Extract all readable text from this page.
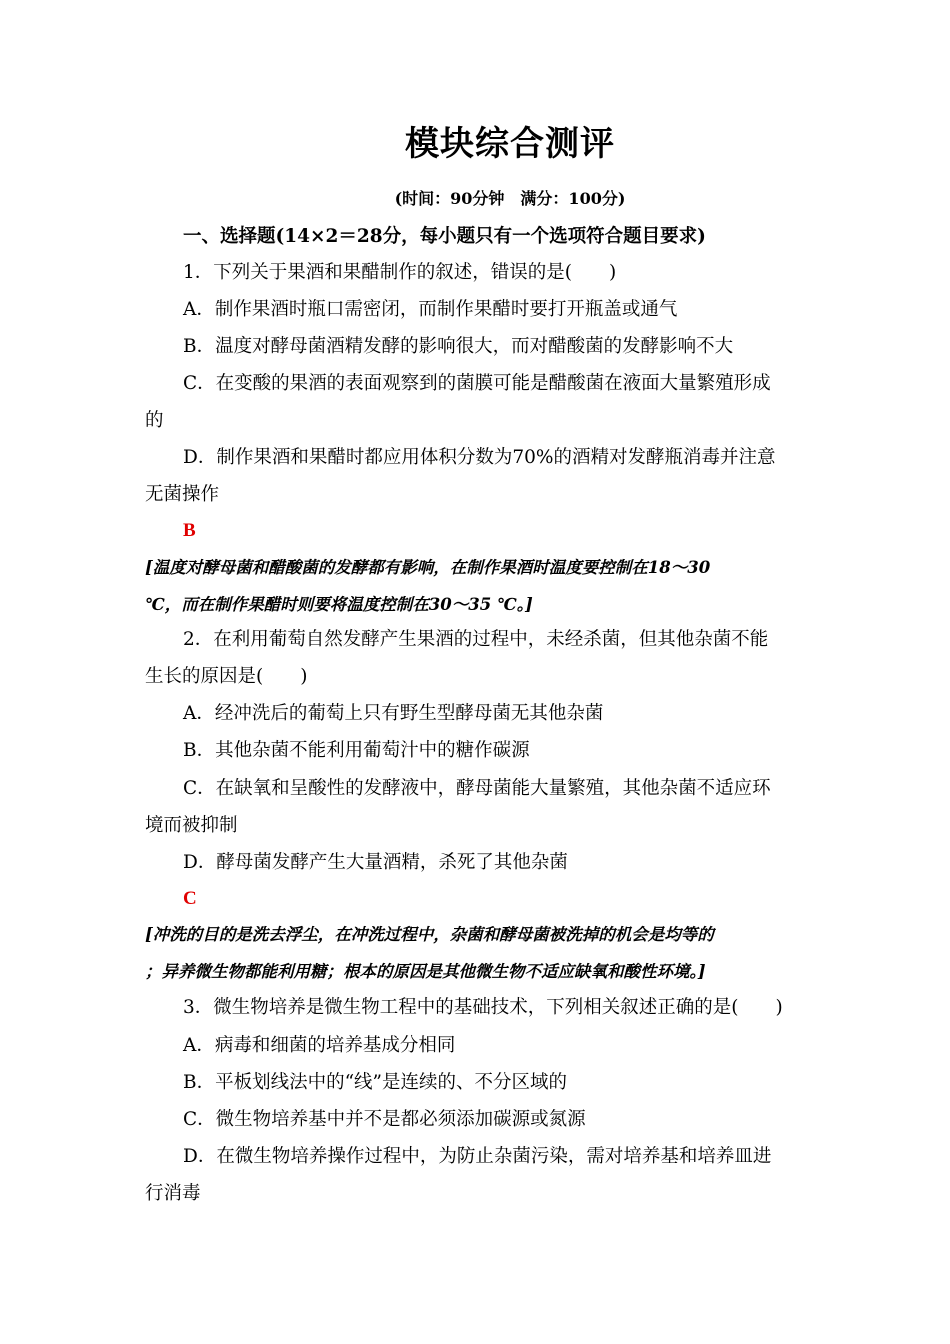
模块综合测评
(时间：90分钟　满分：100分)
一、选择题(14×2＝28分，每小题只有一个选项符合题目要求)
1．下列关于果酒和果醋制作的叙述，错误的是(　　)
A．制作果酒时瓶口需密闭，而制作果醋时要打开瓶盖或通气
B．温度对酵母菌酒精发酵的影响很大，而对醋酸菌的发酵影响不大
C．在变酸的果酒的表面观察到的菌膜可能是醋酸菌在液面大量繁殖形成
的
D．制作果酒和果醋时都应用体积分数为70%的酒精对发酵瓶消毒并注意
无菌操作
B
[温度对酵母菌和醋酸菌的发酵都有影响，在制作果酒时温度要控制在18～30
℃，而在制作果醋时则要将温度控制在30～35 ℃。]
2．在利用葡萄自然发酵产生果酒的过程中，未经杀菌，但其他杂菌不能
生长的原因是(　　)
A．经冲洗后的葡萄上只有野生型酵母菌无其他杂菌
B．其他杂菌不能利用葡萄汁中的糖作碳源
C．在缺氧和呈酸性的发酵液中，酵母菌能大量繁殖，其他杂菌不适应环
境而被抑制
D．酵母菌发酵产生大量酒精，杀死了其他杂菌
C
[冲洗的目的是洗去浮尘，在冲洗过程中，杂菌和酵母菌被洗掉的机会是均等的
；异养微生物都能利用糖；根本的原因是其他微生物不适应缺氧和酸性环境。]
3．微生物培养是微生物工程中的基础技术，下列相关叙述正确的是(　　)
A．病毒和细菌的培养基成分相同
B．平板划线法中的“线”是连续的、不分区域的
C．微生物培养基中并不是都必须添加碳源或氮源
D．在微生物培养操作过程中，为防止杂菌污染，需对培养基和培养皿进
行消毒
